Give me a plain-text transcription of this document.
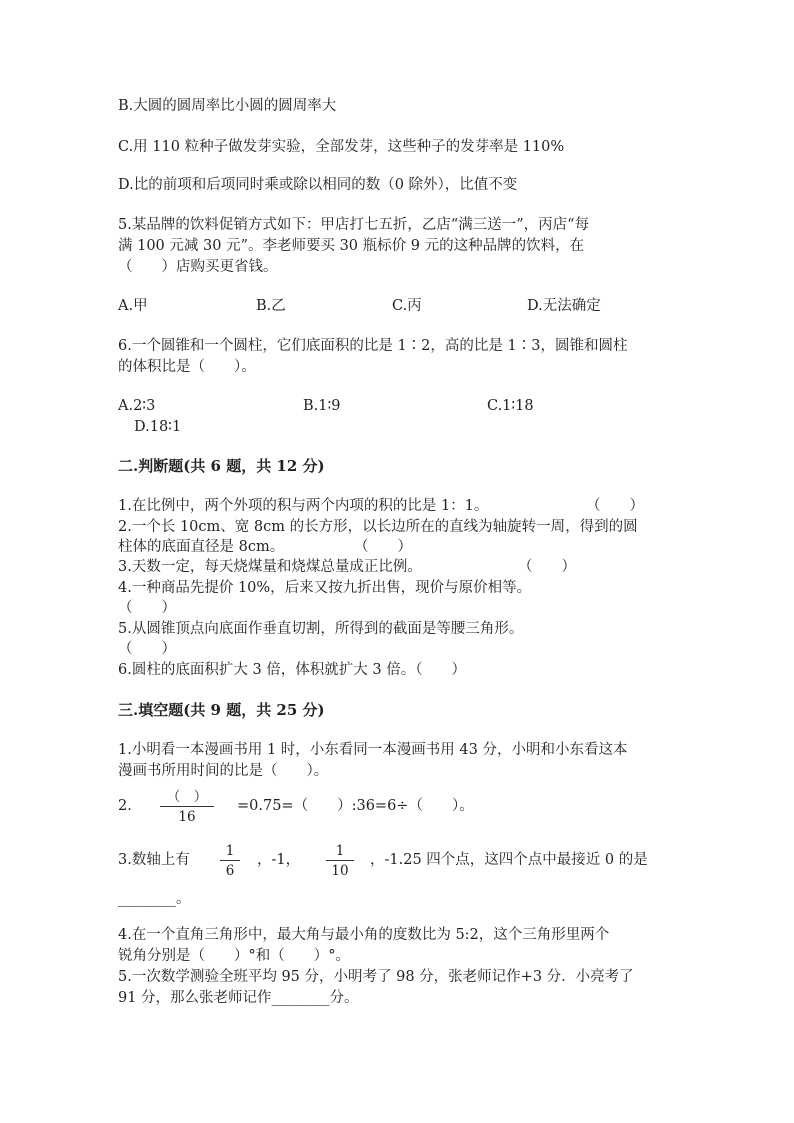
B.大圆的圆周率比小圆的圆周率大
C.用 110 粒种子做发芽实验，全部发芽，这些种子的发芽率是 110%
D.比的前项和后项同时乘或除以相同的数（0 除外），比值不变
5.某品牌的饮料促销方式如下：甲店打七五折，乙店“满三送一”，丙店“每
满 100 元减 30 元”。李老师要买 30 瓶标价 9 元的这种品牌的饮料，在
（　　）店购买更省钱。
A.甲	B.乙	C.丙	D.无法确定
6.一个圆锥和一个圆柱，它们底面积的比是 1∶2，高的比是 1∶3，圆锥和圆柱
的体积比是（　　）。
A.2∶3	B.1∶9	C.1∶18
D.18∶1
二.判断题(共 6 题，共 12 分)
1.在比例中，两个外项的积与两个内项的积的比是 1：1。	（　　）
2.一个长 10cm、宽 8cm 的长方形，以长边所在的直线为轴旋转一周，得到的圆
柱体的底面直径是 8cm。	（　　）
3.天数一定，每天烧煤量和烧煤总量成正比例。	（　　）
4.一种商品先提价 10%，后来又按九折出售，现价与原价相等。
（　　）
5.从圆锥顶点向底面作垂直切割，所得到的截面是等腰三角形。
（　　）
6.圆柱的底面积扩大 3 倍，体积就扩大 3 倍。（　　）
三.填空题(共 9 题，共 25 分)
1.小明看一本漫画书用 1 时，小东看同一本漫画书用 43 分，小明和小东看这本
漫画书所用时间的比是（　　）。
2.
（　）
16
=0.75=（　　）:36=6÷（　　）。
3.数轴上有 $\frac{1}{6}$ ，-1， $\frac{1}{10}$ ，-1.25 四个点，这四个点中最接近 0 的是
________。
4.在一个直角三角形中，最大角与最小角的度数比为 5:2，这个三角形里两个
锐角分别是（　　）°和（　　）°。
5.一次数学测验全班平均 95 分，小明考了 98 分，张老师记作+3 分．小亮考了
91 分，那么张老师记作________分。
